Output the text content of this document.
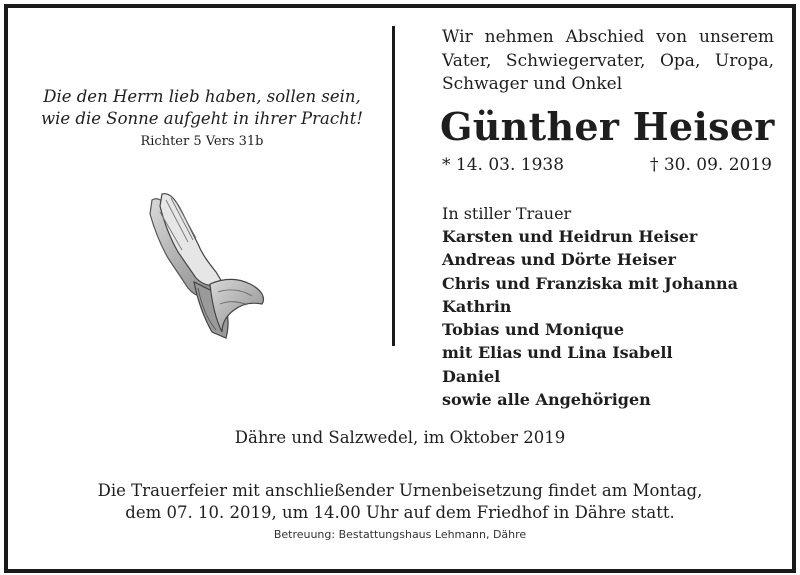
Die den Herrn lieb haben, sollen sein,
wie die Sonne aufgeht in ihrer Pracht!
Richter 5 Vers 31b
Wir nehmen Abschied von unserem Vater, Schwiegervater, Opa, Uropa, Schwager und Onkel
Günther Heiser
* 14. 03. 1938	† 30. 09. 2019
In stiller Trauer
Karsten und Heidrun Heiser
Andreas und Dörte Heiser
Chris und Franziska mit Johanna
Kathrin
Tobias und Monique
mit Elias und Lina Isabell
Daniel
sowie alle Angehörigen
Dähre und Salzwedel, im Oktober 2019
Die Trauerfeier mit anschließender Urnenbeisetzung findet am Montag,
dem 07. 10. 2019, um 14.00 Uhr auf dem Friedhof in Dähre statt.
Betreuung: Bestattungshaus Lehmann, Dähre
